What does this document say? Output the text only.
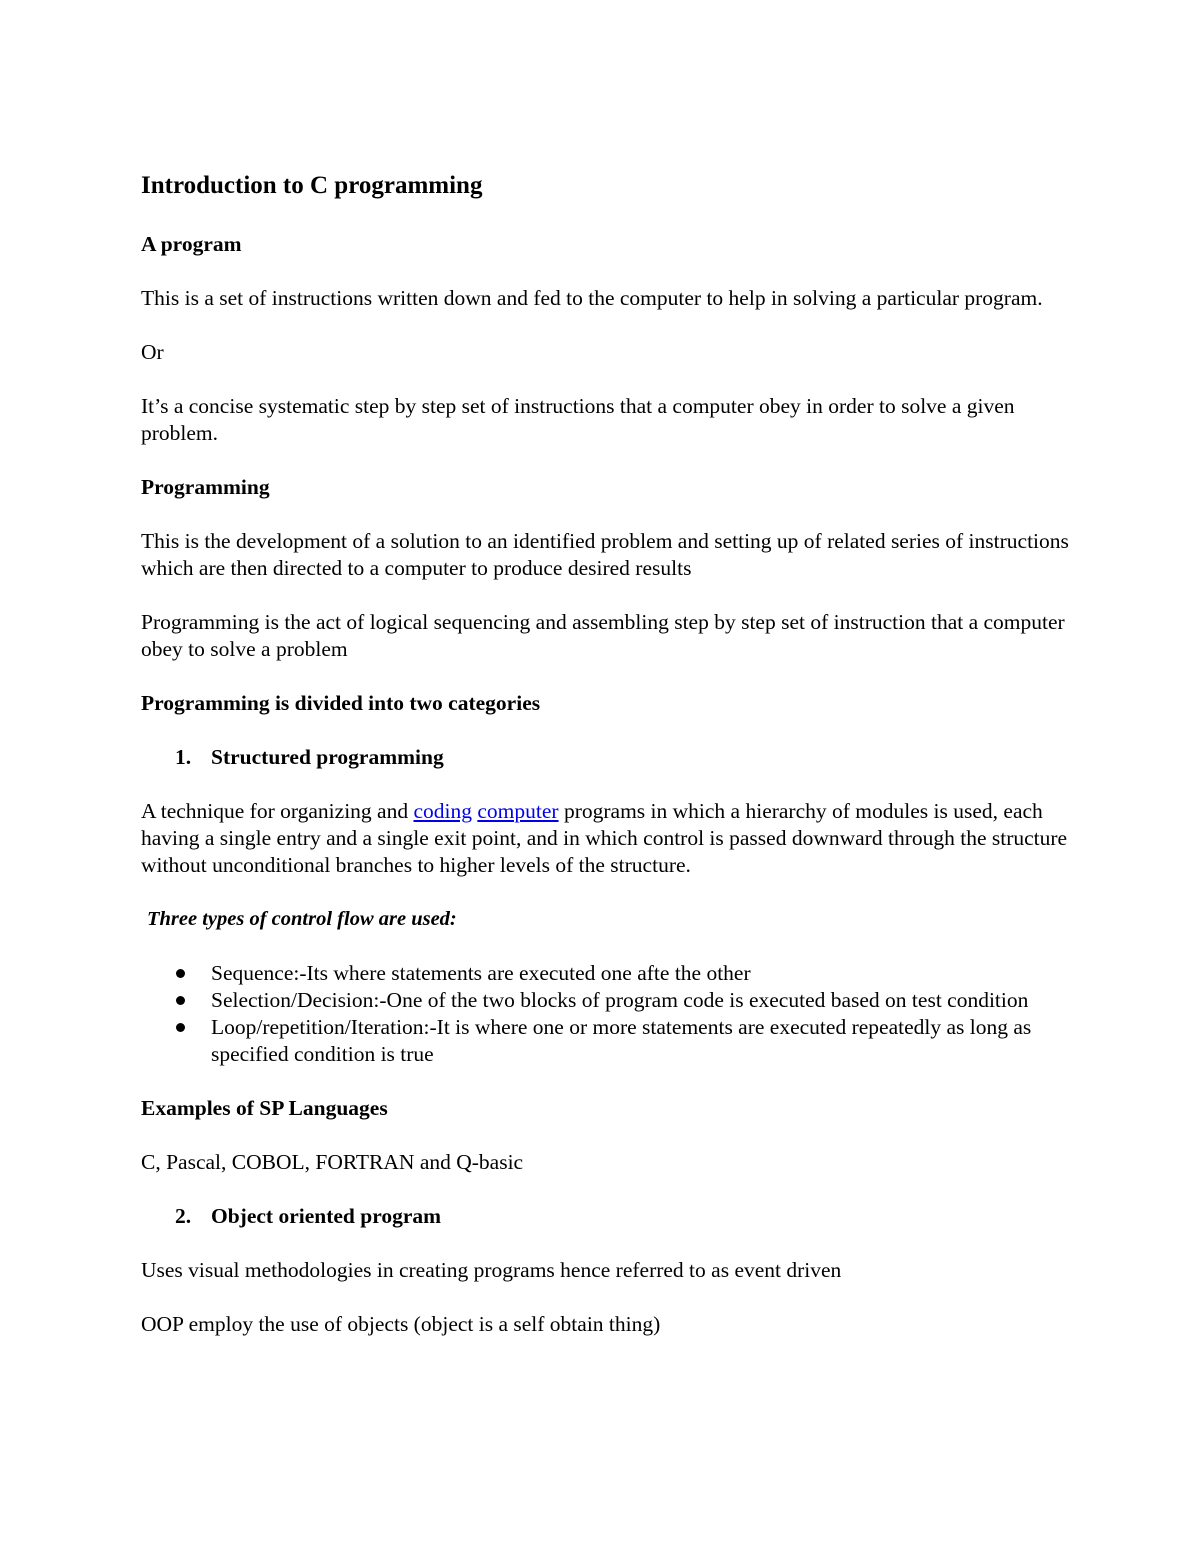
Introduction to C programming
A program
This is a set of instructions written down and fed to the computer to help in solving a particular program.
Or
It’s a concise systematic step by step set of instructions that a computer obey in order to solve a given problem.
Programming
This is the development of a solution to an identified problem and setting up of related series of instructions which are then directed to a computer to produce desired results
Programming is the act of logical sequencing and assembling step by step set of instruction that a computer obey to solve a problem
Programming is divided into two categories
1. Structured programming
A technique for organizing and coding computer programs in which a hierarchy of modules is used, each having a single entry and a single exit point, and in which control is passed downward through the structure without unconditional branches to higher levels of the structure.
Three types of control flow are used:
Sequence:-Its where statements are executed one afte the other
Selection/Decision:-One of the two blocks of program code is executed based on test condition
Loop/repetition/Iteration:-It is where one or more statements are executed repeatedly as long as specified condition is true
Examples of SP Languages
C, Pascal, COBOL, FORTRAN and Q-basic
2. Object oriented program
Uses visual methodologies in creating programs hence referred to as event driven
OOP employ the use of objects (object is a self obtain thing)
